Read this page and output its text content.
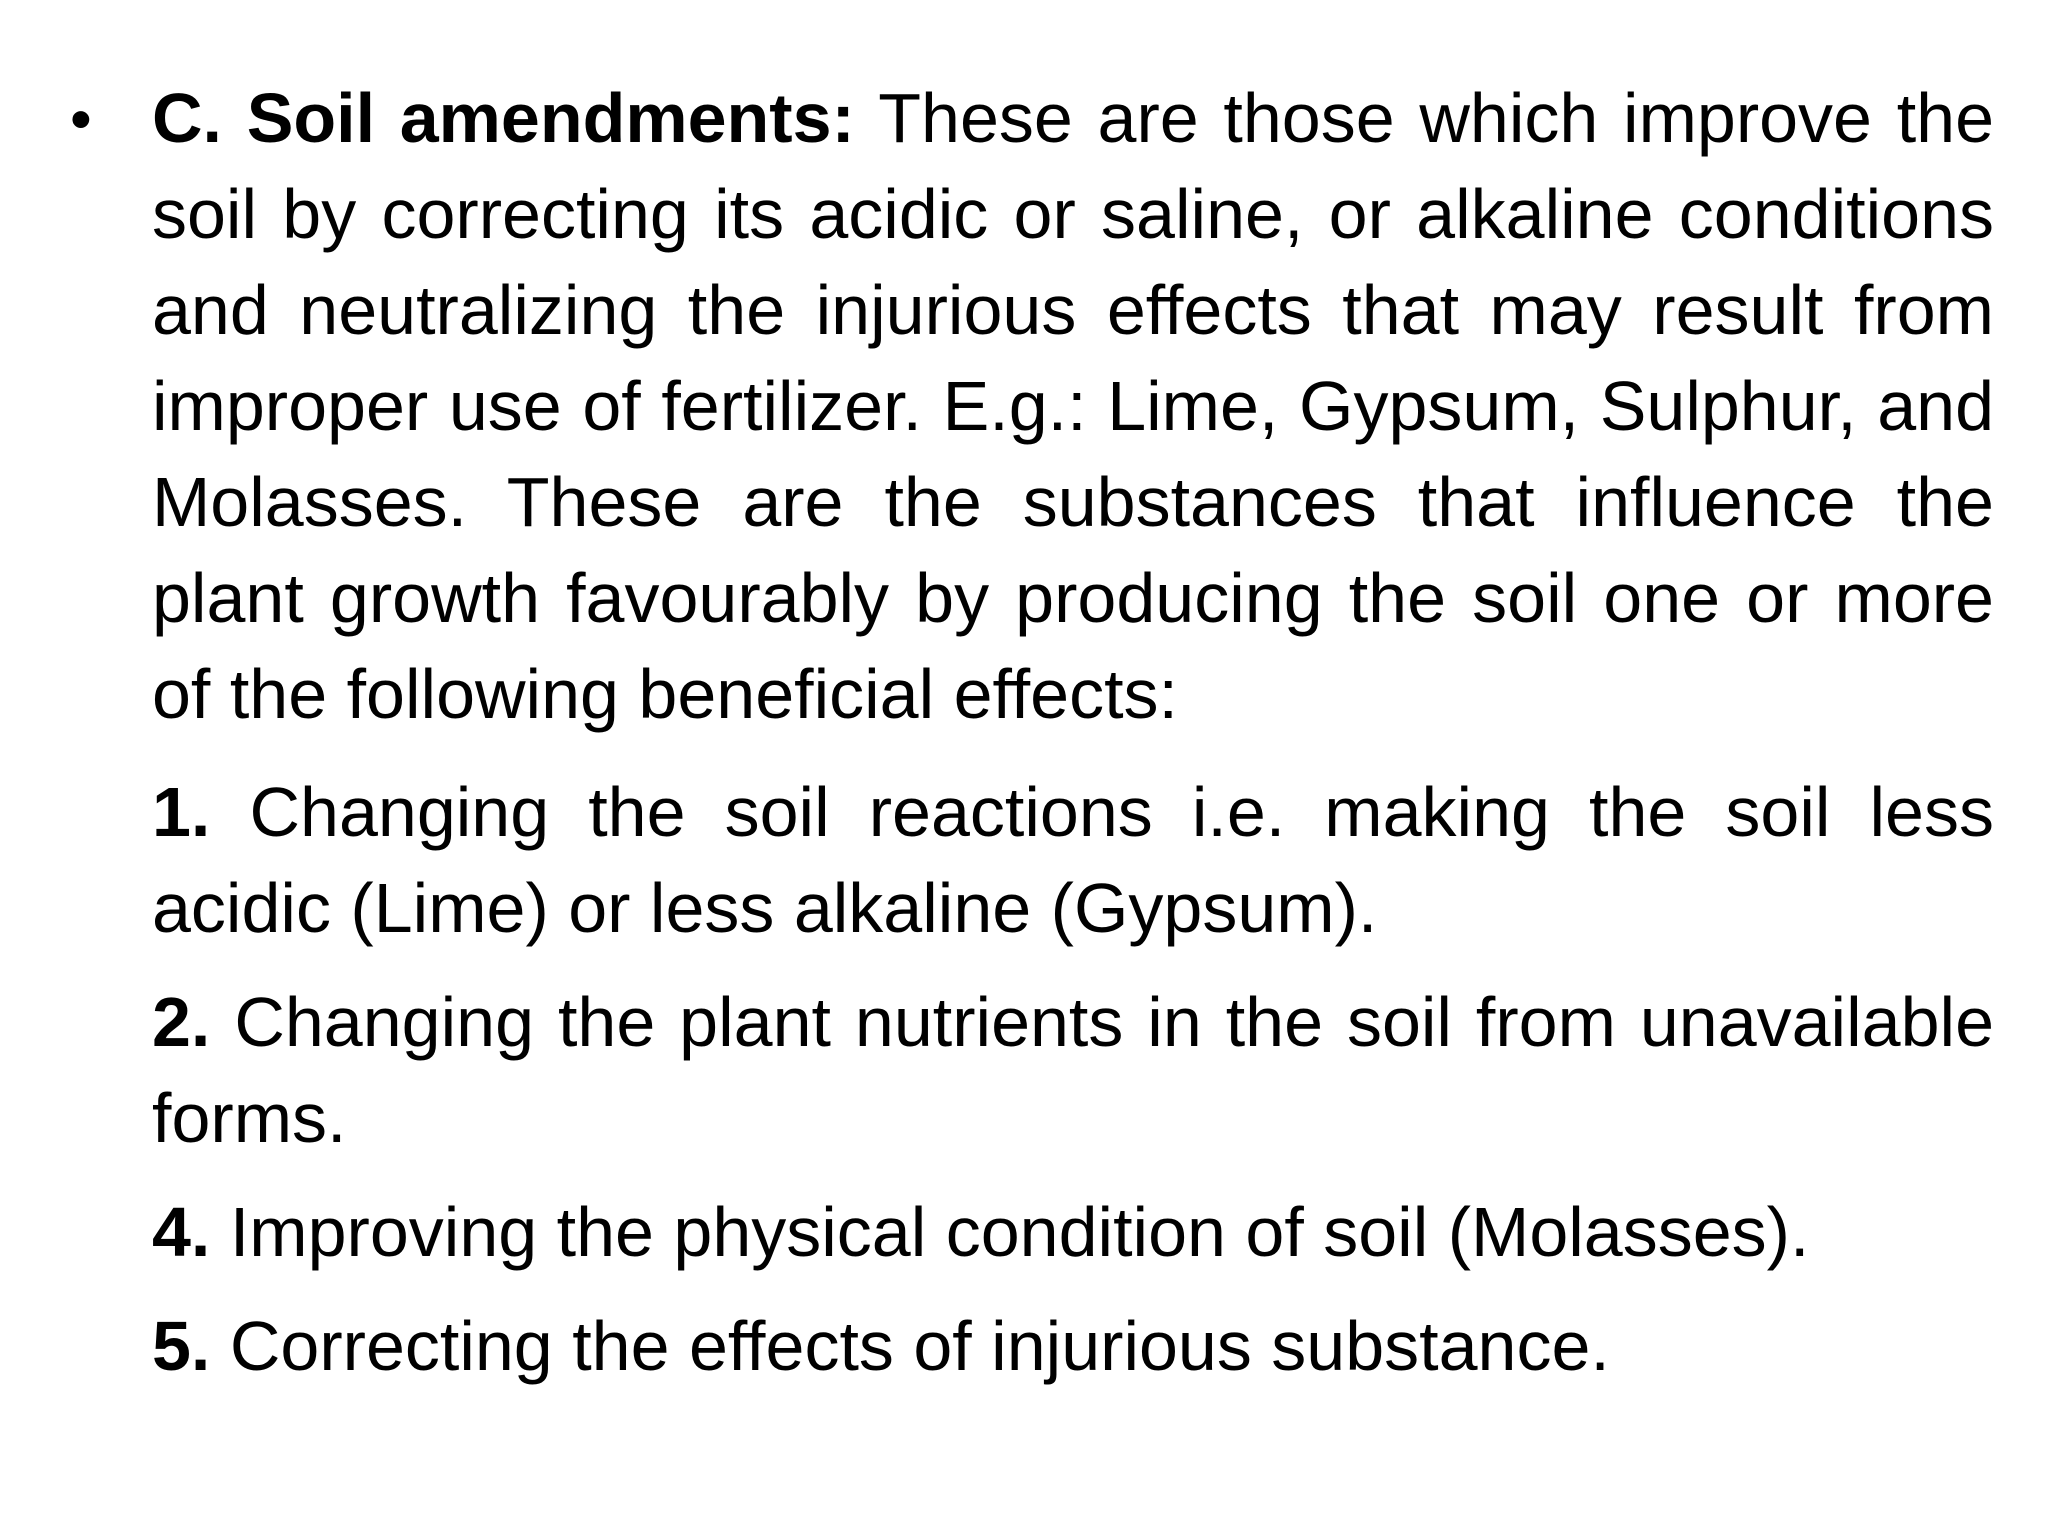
• C. Soil amendments: These are those which improve the soil by correcting its acidic or saline, or alkaline conditions and neutralizing the injurious effects that may result from improper use of fertilizer. E.g.: Lime, Gypsum, Sulphur, and Molasses. These are the substances that influence the plant growth favourably by producing the soil one or more of the following beneficial effects:
1. Changing the soil reactions i.e. making the soil less acidic (Lime) or less alkaline (Gypsum).
2. Changing the plant nutrients in the soil from unavailable forms.
4. Improving the physical condition of soil (Molasses).
5. Correcting the effects of injurious substance.
